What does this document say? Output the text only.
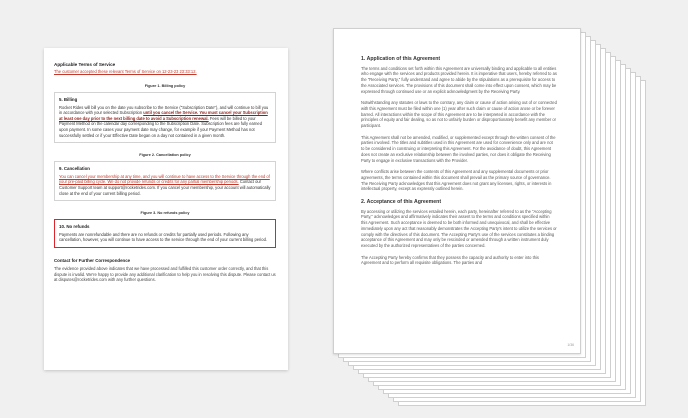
1. Application of this Agreement

The terms and conditions set forth within this Agreement are universally binding and applicable to all entities who engage with the services and products provided herein. It is imperative that users, hereby referred to as the "Receiving Party," fully understand and agree to abide by the stipulations as a prerequisite for access to the Associated services. The provisions of this document shall come into effect upon consent, which may be expressed through continued use or an explicit acknowledgment by the Receiving Party.

Notwithstanding any statutes or laws to the contrary, any claim or cause of action arising out of or connected with this Agreement must be filed within one (1) year after such claim or cause of action arose or be forever barred. All interactions within the scope of this Agreement are to be interpreted in accordance with the principles of equity and fair dealing, so as not to unfairly burden or disproportionately benefit any member or participant.

This Agreement shall not be amended, modified, or supplemented except through the written consent of the parties involved. The titles and subtitles used in this Agreement are used for convenience only and are not to be considered in construing or interpreting this Agreement. For the avoidance of doubt, this Agreement does not create an exclusive relationship between the involved parties, nor does it obligate the Receiving Party to engage in exclusive transactions with the Provider.

Where conflicts arise between the contents of this Agreement and any supplemental documents or prior agreements, the terms contained within this document shall prevail as the primary source of governance. The Receiving Party acknowledges that this Agreement does not grant any licenses, rights, or interests in intellectual property, except as expressly outlined herein.

2. Acceptance of this Agreement

By accessing or utilizing the services entailed herein, each party, hereinafter referred to as the "Accepting Party," acknowledges and affirmatively indicates their assent to the terms and conditions specified within this Agreement. Such acceptance is deemed to be both informed and unequivocal, and shall be effective immediately upon any act that reasonably demonstrates the Accepting Party's intent to utilize the services or comply with the directives of this document. The Accepting Party's use of the services constitutes a binding acceptance of this Agreement and may only be rescinded or amended through a written instrument duly executed by the authorized representatives of the parties concerned.

The Accepting Party hereby confirms that they possess the capacity and authority to enter into this Agreement and to perform all requisite obligations. The parties and

1/36
Applicable Terms of Service
The customer accepted these relevant Terms of Service on 12-23-23 23:33:12.
Figure 1. Billing policy
5. Billing
Rocket Rides will bill you on the date you subscribe to the Service ("Subscription Date"), and will continue to bill you in accordance with your selected Subscription until you cancel the Service. You must cancel your Subscription at least one day prior to the next billing date to avoid a Subscription renewal. Fees will be billed to your Payment Method on the calendar day corresponding to the Subscription Date. Subscription fees are fully earned upon payment. In some cases your payment date may change, for example if your Payment Method has not successfully settled or if your Effective Date began on a day not contained in a given month.
Figure 2. Cancellation policy
9. Cancellation
You can cancel your membership at any time, and you will continue to have access to the Service through the end of your pre-paid billing cycle. We do not provide refunds or credits for any partial membership periods. Contact our Customer Support team at support@rocketrides.com. If you cancel your membership, your account will automatically close at the end of your current billing period.
Figure 3. No refunds policy
10. No refunds
Payments are nonrefundable and there are no refunds or credits for partially used periods. Following any cancellation, however, you will continue to have access to the service through the end of your current billing period.
Contact for Further Correspondence

The evidence provided above indicates that we have processed and fulfilled this customer order correctly, and that this dispute is invalid. We're happy to provide any additional clarification to help you in resolving this dispute. Please contact us at disputes@rocketrides.com with any further questions.
